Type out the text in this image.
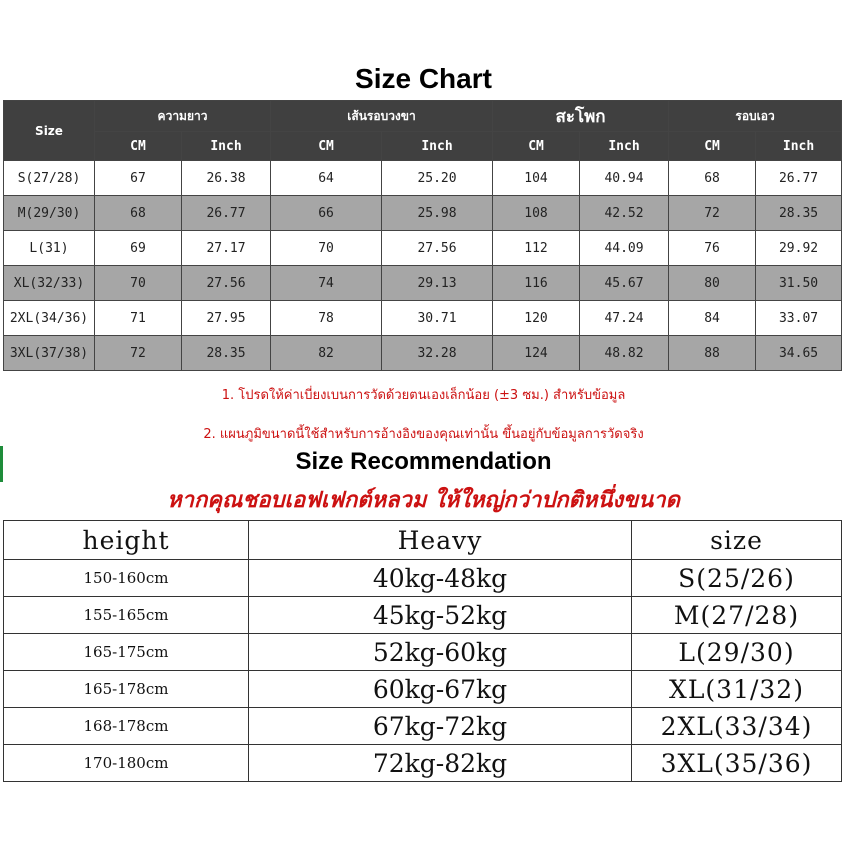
Size Chart
Size	ความยาว		เส้นรอบวงขา		สะโพก		รอบเอว	
	CM	Inch	CM	Inch	CM	Inch	CM	Inch
S(27/28)	67	26.38	64	25.20	104	40.94	68	26.77
M(29/30)	68	26.77	66	25.98	108	42.52	72	28.35
L(31)	69	27.17	70	27.56	112	44.09	76	29.92
XL(32/33)	70	27.56	74	29.13	116	45.67	80	31.50
2XL(34/36)	71	27.95	78	30.71	120	47.24	84	33.07
3XL(37/38)	72	28.35	82	32.28	124	48.82	88	34.65
1. โปรดให้ค่าเบี่ยงเบนการวัดด้วยตนเองเล็กน้อย (±3 ซม.) สำหรับข้อมูล
2. แผนภูมิขนาดนี้ใช้สำหรับการอ้างอิงของคุณเท่านั้น ขึ้นอยู่กับข้อมูลการวัดจริง
Size Recommendation
หากคุณชอบเอฟเฟกต์หลวม ให้ใหญ่กว่าปกติหนึ่งขนาด
height	Heavy	size
150-160cm	40kg-48kg	S(25/26)
155-165cm	45kg-52kg	M(27/28)
165-175cm	52kg-60kg	L(29/30)
165-178cm	60kg-67kg	XL(31/32)
168-178cm	67kg-72kg	2XL(33/34)
170-180cm	72kg-82kg	3XL(35/36)
